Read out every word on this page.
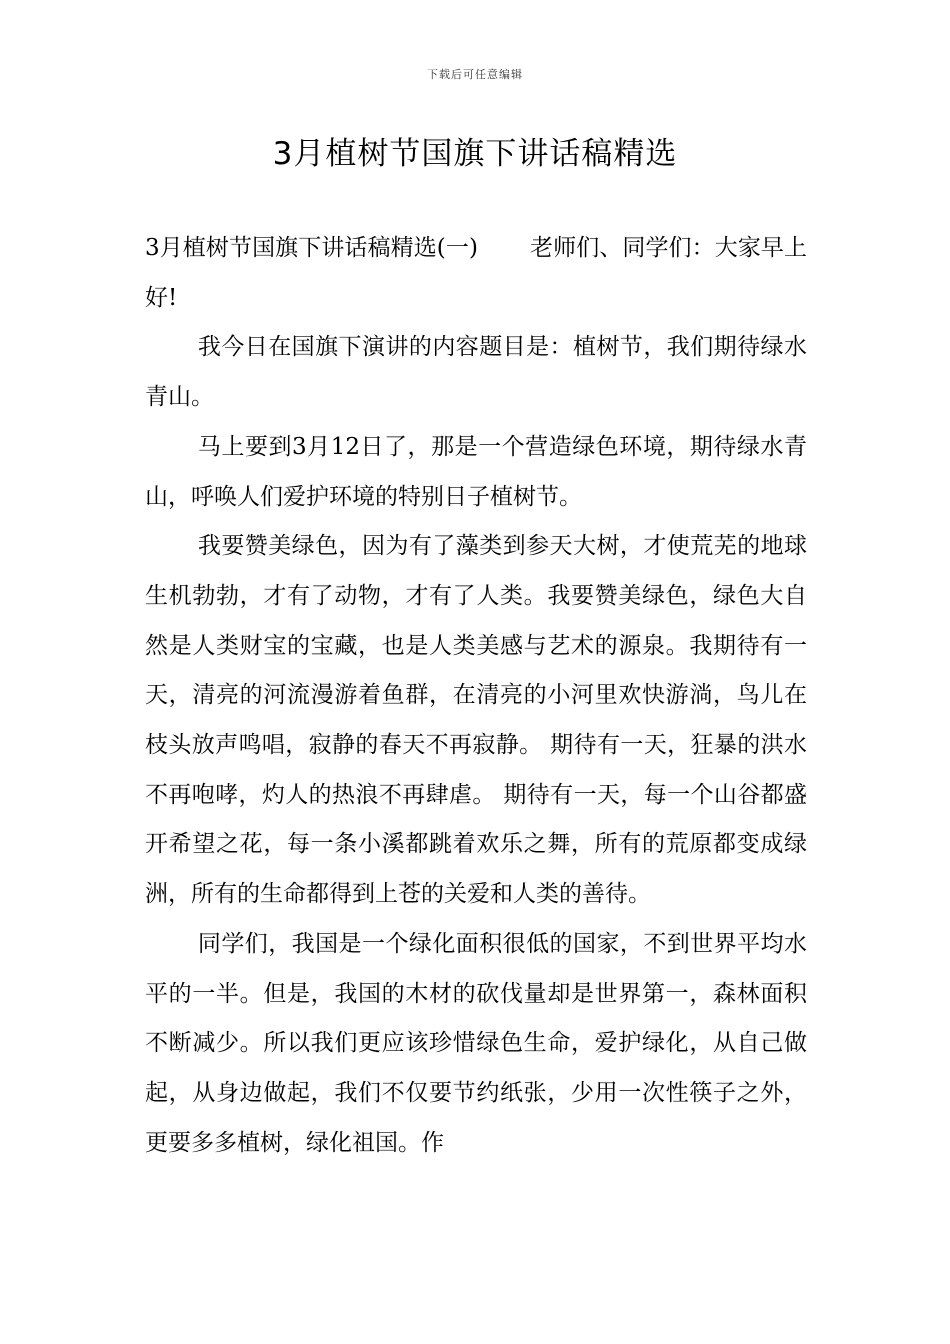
下载后可任意编辑
3月植树节国旗下讲话稿精选

3月植树节国旗下讲话稿精选(一) 老师们、同学们：大家早上好!

我今日在国旗下演讲的内容题目是：植树节，我们期待绿水青山。

马上要到3月12日了，那是一个营造绿色环境，期待绿水青山，呼唤人们爱护环境的特别日子植树节。

我要赞美绿色，因为有了藻类到参天大树，才使荒芜的地球生机勃勃，才有了动物，才有了人类。我要赞美绿色，绿色大自然是人类财宝的宝藏，也是人类美感与艺术的源泉。我期待有一天，清亮的河流漫游着鱼群，在清亮的小河里欢快游淌，鸟儿在枝头放声鸣唱，寂静的春天不再寂静。 期待有一天，狂暴的洪水不再咆哮，灼人的热浪不再肆虐。 期待有一天，每一个山谷都盛开希望之花，每一条小溪都跳着欢乐之舞，所有的荒原都变成绿洲，所有的生命都得到上苍的关爱和人类的善待。

同学们，我国是一个绿化面积很低的国家，不到世界平均水平的一半。但是，我国的木材的砍伐量却是世界第一，森林面积不断减少。所以我们更应该珍惜绿色生命，爱护绿化，从自己做起，从身边做起，我们不仅要节约纸张，少用一次性筷子之外，更要多多植树，绿化祖国。作
